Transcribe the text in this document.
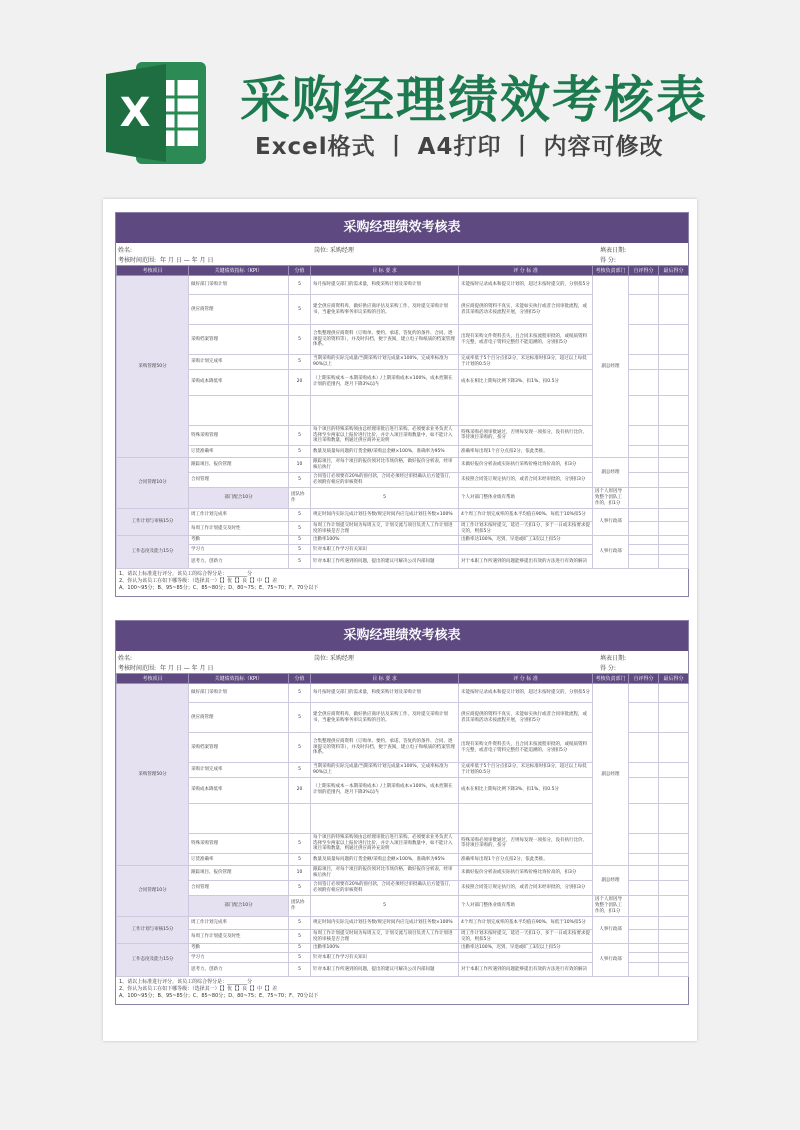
X 采购经理绩效考核表
Excel格式 丨 A4打印 丨 内容可修改
采购经理绩效考核表
姓名:	岗位: 采购经理	填表日期:
考核时间范围: 年 月 日 — 年 月 日	得 分:
考核项目	关键绩效指标（KPI）	分值	目 标 要 求	评 分 标 准	考核负责部门	自评得分	最后得分	
采购管理50分	做好部门采购计划	5	每月按时提交部门的需求量，和使采购计划及采购计划	未能按时记录成本和提交计划的，超过未按时提交的，分别扣5分	副总经理			
	供应商管理	5	建全供应商资料库，做好供应商评估及采购工作，及时提交采购计划书，当避免采购事务审议采购的目的。	供应商提供的资料不真实，未能如实执行或者合同审批流程，或者其采购活动未按流程开展，分别扣5分				
	采购档案管理	5	合集整理供应商资料（订购单、要约、承诺、答复约的条件、合同、逐项提交的资料等），并及时归档，便于查阅，建立电子和纸质的档案管理体系。	出现有采购文件资料丢失，且合同未按流程审批的，或纸质资料不完整，或者电子资料完整但不能追溯的，分别扣5分				
	采购计划完成率	5	当期采购的实际完成量/当期采购计划完成量×100%，完成率标准为90%以上	完成率低于5个百分点扣2分，未达标准时扣3分，超过以上每低于计划的0.5分				
	采购成本降低率	20	（上期采购成本－本期采购成本）/上期采购成本×100%，成本控制在计划的范围内，逐月下降3%以内	成本在相比上期每比例下降3%、扣1%、扣0.5分				

	特殊采购管理	5	每个项目的特殊采购须由总经理审批后进行采购。必须要求业务负责人选择至少两家以上报价进行比价，并计入项目采购数量中，如不能计入项目采购数量，则通过供应商补充说明	特殊采购必须审批通过，否则每发现一项扣分，没有执行比价、等待项目采购的，扣分				
	订货准确率	5	数量及质量每问题的订货金额/采购总金额×100%，准确率为95%	准确率每出现1个百分点扣2分，依此类推。				
合同管理10分	跟踪项目、报价管理	10	跟踪项目，对每个项目的报价须对比市场价格，做好报价分析表，经审核后执行	未做好报价分析表或实际执行采购价格比询价高的，扣3分	副总经理			
	合同管理	5	合同签订必须要有20%的预付款，合同必须经过审批确认后方能签订，必须附有相应的审核资料	未按照合同签订规定执行的，或者合同未经审批的，分别扣3分				
	部门配合10分	团队协作	5	个人对部门整体业绩有帮助	因个人原因导致整个团队工作的，扣1分			
工作计划与审核15分	周工作计划完成率	5	规定时间内实际完成计划任务数/规定时间内应完成计划任务数×100%	4个周工作计划完成率的基本平均值在90%、每低于10%扣5分	人事行政部			
	每周工作计划提交及时性	5	每周工作计划提交时间为每周五交，计划交流与项目负责人工作计划进度的审核是否合理	周工作计划未按时提交，延迟一天扣1分，多于一日或未按要求提交的，则扣5分				
工作态度及能力15分	考勤	5	出勤率100%	出勤率达100%，迟到、早退或旷工3次以上扣5分	人事行政部			
	学习力	5	针对本职工作学习有关知识					
	思考力、创新力	5	针对本职工作所遇到的问题，提出的建议可解决公司内部问题	对于本职工作所遇到的问题能够提出有效的方法进行有效的解决				
1、请以上标准进行评分，该员工的综合得分是：________分
2、你认为该员工在如下哪等级：（选择其一）【】优【】良【】中【】差
A、100~95分；B、95~85分；C、85~80分；D、80~75；E、75~70；F、70分以下
采购经理绩效考核表
姓名:	岗位: 采购经理	填表日期:
考核时间范围: 年 月 日 — 年 月 日	得 分:
考核项目	关键绩效指标（KPI）	分值	目 标 要 求	评 分 标 准	考核负责部门	自评得分	最后得分	
采购管理50分	做好部门采购计划	5	每月按时提交部门的需求量，和使采购计划及采购计划	未能按时记录成本和提交计划的，超过未按时提交的，分别扣5分	副总经理			
	供应商管理	5	建全供应商资料库，做好供应商评估及采购工作，及时提交采购计划书，当避免采购事务审议采购的目的。	供应商提供的资料不真实，未能如实执行或者合同审批流程，或者其采购活动未按流程开展，分别扣5分				
	采购档案管理	5	合集整理供应商资料（订购单、要约、承诺、答复约的条件、合同、逐项提交的资料等），并及时归档，便于查阅，建立电子和纸质的档案管理体系。	出现有采购文件资料丢失，且合同未按流程审批的，或纸质资料不完整，或者电子资料完整但不能追溯的，分别扣5分				
	采购计划完成率	5	当期采购的实际完成量/当期采购计划完成量×100%，完成率标准为90%以上	完成率低于5个百分点扣2分，未达标准时扣3分，超过以上每低于计划的0.5分				
	采购成本降低率	20	（上期采购成本－本期采购成本）/上期采购成本×100%，成本控制在计划的范围内，逐月下降3%以内	成本在相比上期每比例下降3%、扣1%、扣0.5分				

	特殊采购管理	5	每个项目的特殊采购须由总经理审批后进行采购。必须要求业务负责人选择至少两家以上报价进行比价，并计入项目采购数量中，如不能计入项目采购数量，则通过供应商补充说明	特殊采购必须审批通过，否则每发现一项扣分，没有执行比价、等待项目采购的，扣分				
	订货准确率	5	数量及质量每问题的订货金额/采购总金额×100%，准确率为95%	准确率每出现1个百分点扣2分，依此类推。				
合同管理10分	跟踪项目、报价管理	10	跟踪项目，对每个项目的报价须对比市场价格，做好报价分析表，经审核后执行	未做好报价分析表或实际执行采购价格比询价高的，扣3分	副总经理			
	合同管理	5	合同签订必须要有20%的预付款，合同必须经过审批确认后方能签订，必须附有相应的审核资料	未按照合同签订规定执行的，或者合同未经审批的，分别扣3分				
	部门配合10分	团队协作	5	个人对部门整体业绩有帮助	因个人原因导致整个团队工作的，扣1分			
工作计划与审核15分	周工作计划完成率	5	规定时间内实际完成计划任务数/规定时间内应完成计划任务数×100%	4个周工作计划完成率的基本平均值在90%、每低于10%扣5分	人事行政部			
	每周工作计划提交及时性	5	每周工作计划提交时间为每周五交，计划交流与项目负责人工作计划进度的审核是否合理	周工作计划未按时提交，延迟一天扣1分，多于一日或未按要求提交的，则扣5分				
工作态度及能力15分	考勤	5	出勤率100%	出勤率达100%，迟到、早退或旷工3次以上扣5分	人事行政部			
	学习力	5	针对本职工作学习有关知识					
	思考力、创新力	5	针对本职工作所遇到的问题，提出的建议可解决公司内部问题	对于本职工作所遇到的问题能够提出有效的方法进行有效的解决				
1、请以上标准进行评分，该员工的综合得分是：________分
2、你认为该员工在如下哪等级：（选择其一）【】优【】良【】中【】差
A、100~95分；B、95~85分；C、85~80分；D、80~75；E、75~70；F、70分以下
